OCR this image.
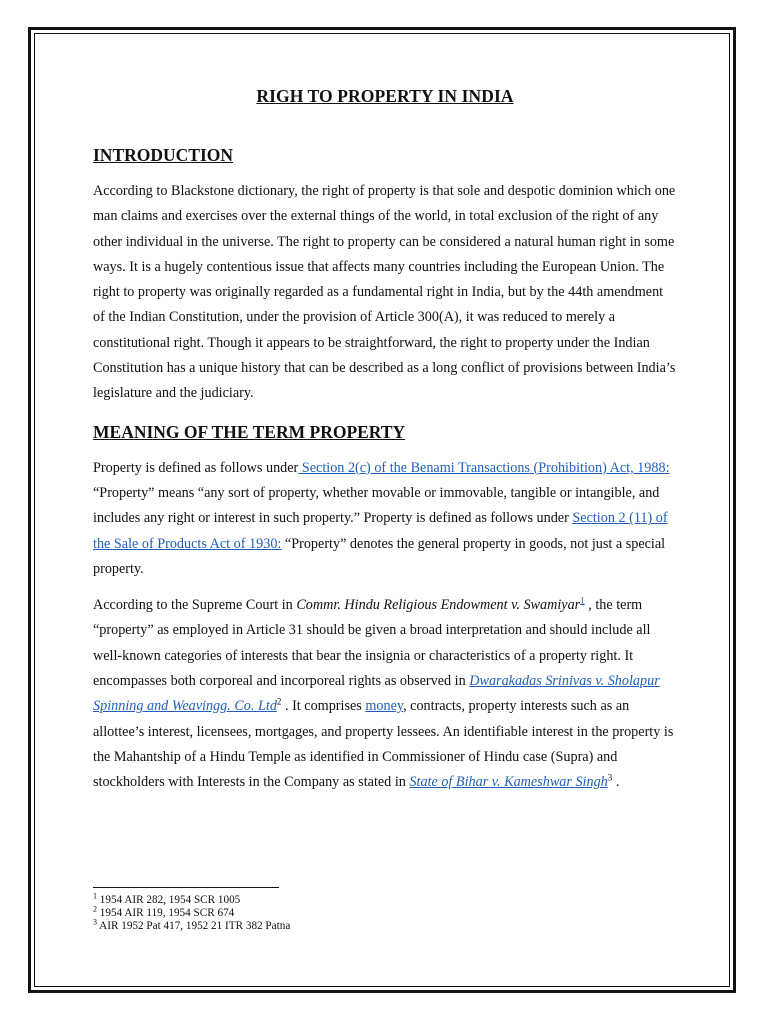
RIGH TO PROPERTY IN INDIA
INTRODUCTION

According to Blackstone dictionary, the right of property is that sole and despotic dominion which one man claims and exercises over the external things of the world, in total exclusion of the right of any other individual in the universe. The right to property can be considered a natural human right in some ways. It is a hugely contentious issue that affects many countries including the European Union. The right to property was originally regarded as a fundamental right in India, but by the 44th amendment of the Indian Constitution, under the provision of Article 300(A), it was reduced to merely a constitutional right. Though it appears to be straightforward, the right to property under the Indian Constitution has a unique history that can be described as a long conflict of provisions between India’s legislature and the judiciary.

MEANING OF THE TERM PROPERTY

Property is defined as follows under Section 2(c) of the Benami Transactions (Prohibition) Act, 1988: “Property” means “any sort of property, whether movable or immovable, tangible or intangible, and includes any right or interest in such property.” Property is defined as follows under Section 2 (11) of the Sale of Products Act of 1930: “Property” denotes the general property in goods, not just a special property.

According to the Supreme Court in Commr. Hindu Religious Endowment v. Swamiyar$^1$ , the term “property” as employed in Article 31 should be given a broad interpretation and should include all well-known categories of interests that bear the insignia or characteristics of a property right. It encompasses both corporeal and incorporeal rights as observed in Dwarakadas Srinivas v. Sholapur Spinning and Weavingg. Co. Ltd$^2$ . It comprises money, contracts, property interests such as an allottee’s interest, licensees, mortgages, and property lessees. An identifiable interest in the property is the Mahantship of a Hindu Temple as identified in Commissioner of Hindu case (Supra) and stockholders with Interests in the Company as stated in State of Bihar v. Kameshwar Singh$^3$ .

$^1$ 1954 AIR 282, 1954 SCR 1005

$^2$ 1954 AIR 119, 1954 SCR 674

$^3$ AIR 1952 Pat 417, 1952 21 ITR 382 Patna
